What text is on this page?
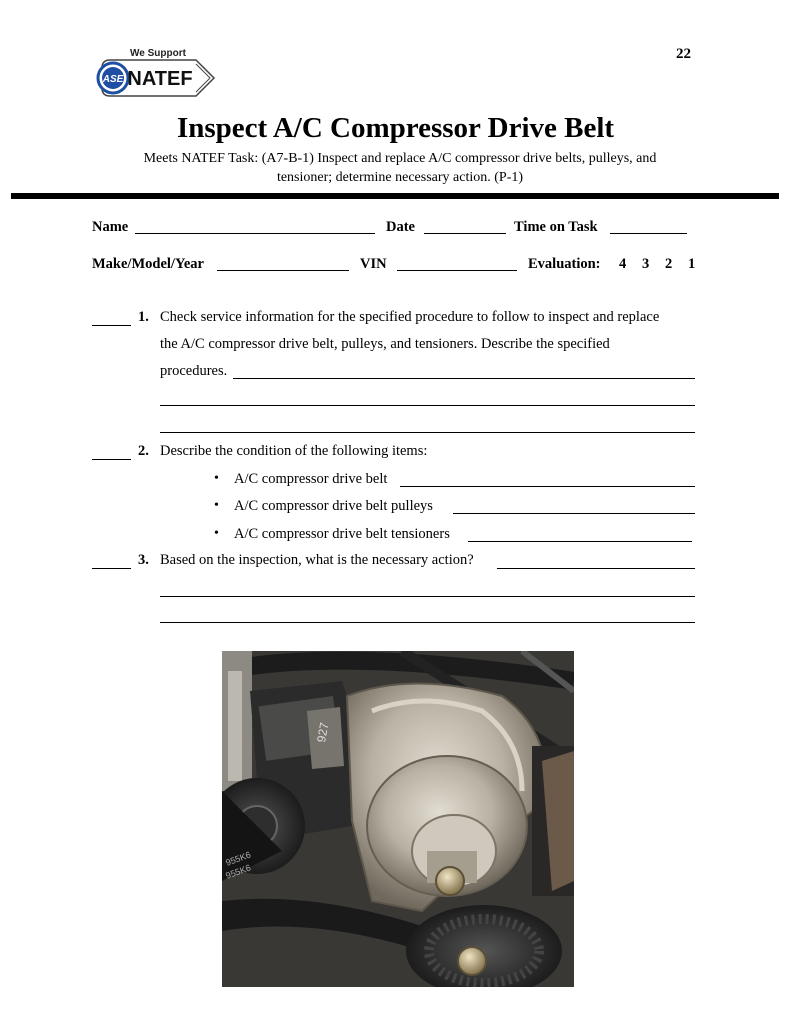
ASE
We Support
NATEF
22
Inspect A/C Compressor Drive Belt
Meets NATEF Task: (A7-B-1) Inspect and replace A/C compressor drive belts, pulleys, and
tensioner; determine necessary action. (P-1)
Name	Date	Time on Task
Make/Model/Year	VIN	Evaluation: 4 3 2 1
1. Check service information for the specified procedure to follow to inspect and replace
the A/C compressor drive belt, pulleys, and tensioners. Describe the specified
procedures.
2. Describe the condition of the following items:
• A/C compressor drive belt
• A/C compressor drive belt pulleys
• A/C compressor drive belt tensioners
3. Based on the inspection, what is the necessary action?
927
955K6
955K6
